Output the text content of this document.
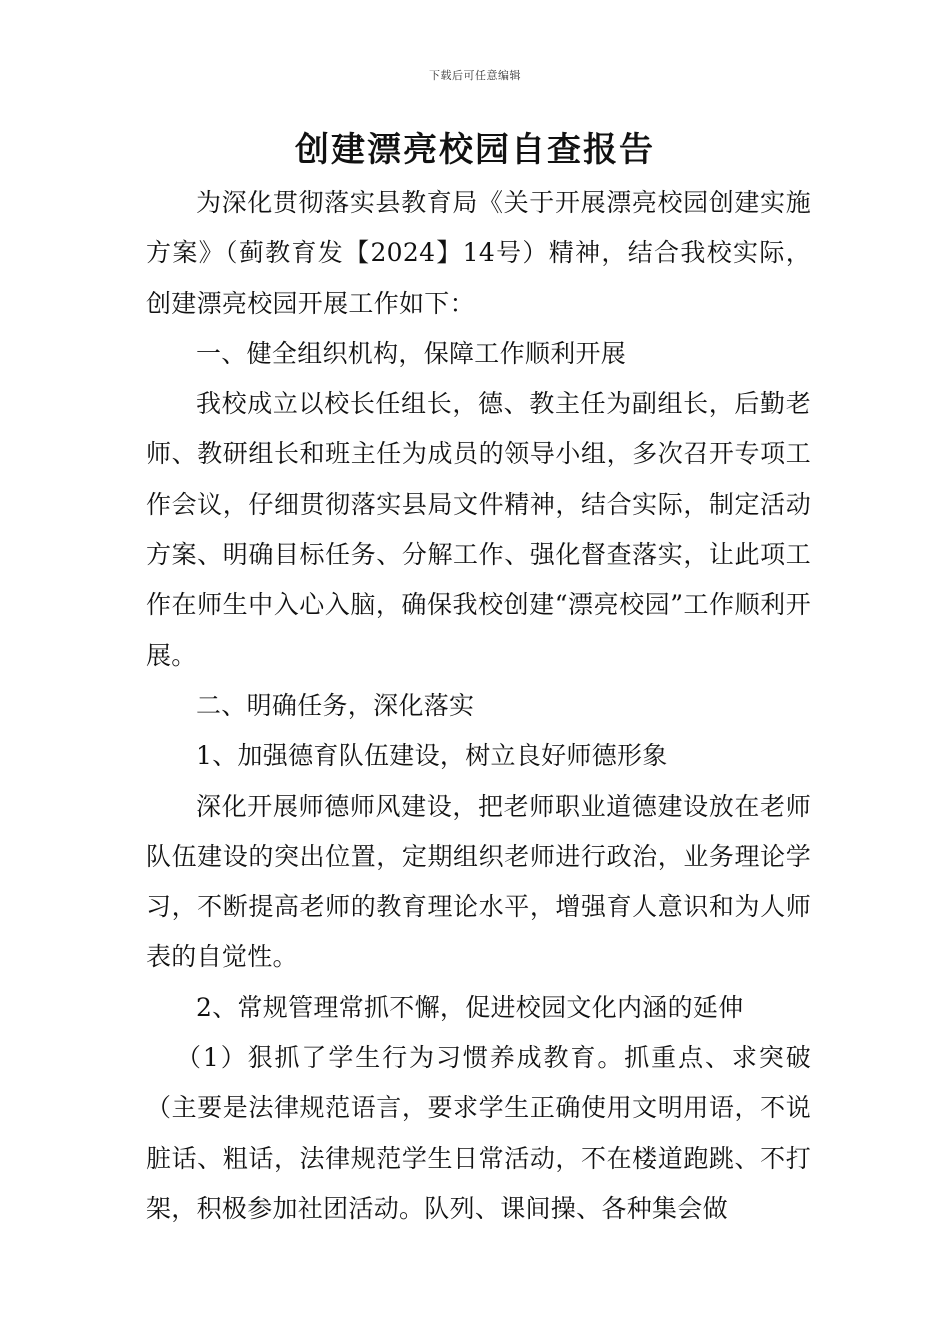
下载后可任意编辑
创建漂亮校园自查报告

为深化贯彻落实县教育局《关于开展漂亮校园创建实施方案》（蓟教育发【2024】14号）精神，结合我校实际，创建漂亮校园开展工作如下：

一、健全组织机构，保障工作顺利开展

我校成立以校长任组长，德、教主任为副组长，后勤老师、教研组长和班主任为成员的领导小组，多次召开专项工作会议，仔细贯彻落实县局文件精神，结合实际，制定活动方案、明确目标任务、分解工作、强化督查落实，让此项工作在师生中入心入脑，确保我校创建“漂亮校园”工作顺利开展。

二、明确任务，深化落实

1、加强德育队伍建设，树立良好师德形象

深化开展师德师风建设，把老师职业道德建设放在老师队伍建设的突出位置，定期组织老师进行政治，业务理论学习，不断提高老师的教育理论水平，增强育人意识和为人师表的自觉性。

2、常规管理常抓不懈，促进校园文化内涵的延伸

（1）狠抓了学生行为习惯养成教育。抓重点、求突破（主要是法律规范语言，要求学生正确使用文明用语，不说脏话、粗话，法律规范学生日常活动，不在楼道跑跳、不打架，积极参加社团活动。队列、课间操、各种集会做
